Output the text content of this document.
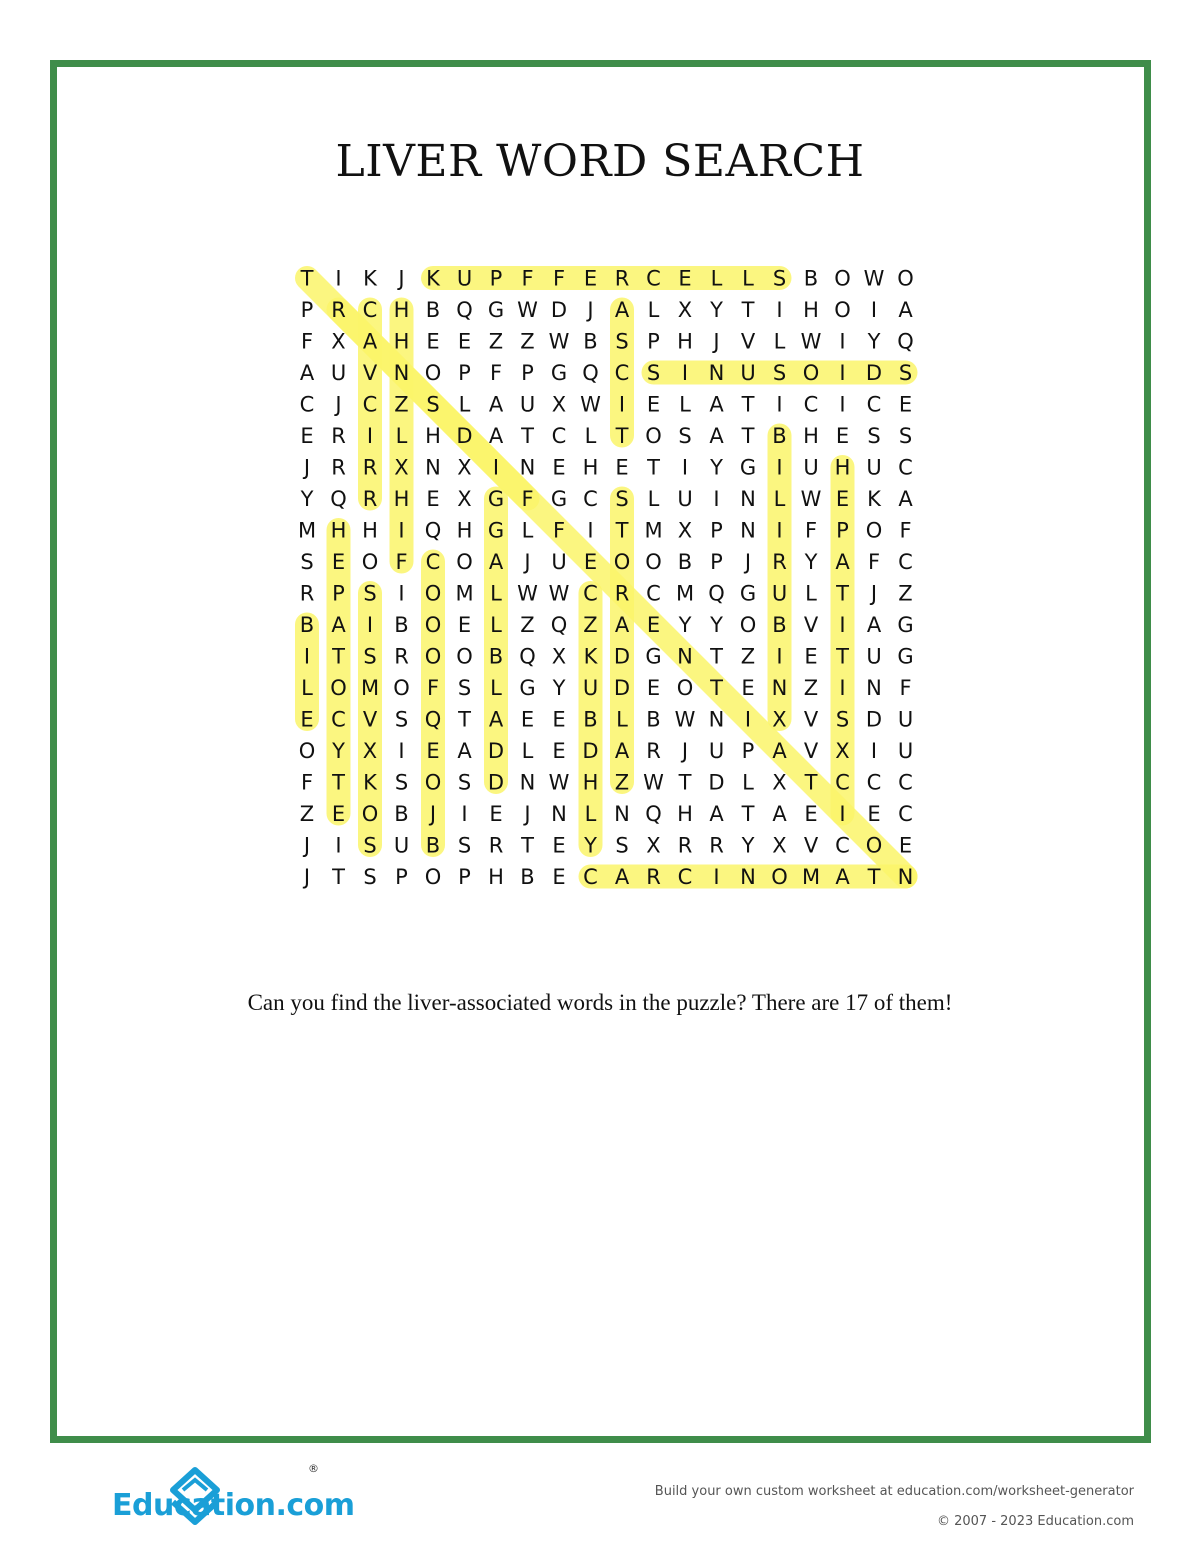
LIVER WORD SEARCH
T I K J K U P F F E R C E L L S B O W O
P R C H B Q G W D J A L X Y T I H O I A
F X A H E E Z Z W B S P H J V L W I Y Q
A U V N O P F P G Q C S I N U S O I D S
C J C Z S L A U X W I E L A T I C I C E
E R I L H D A T C L T O S A T B H E S S
J R R X N X I N E H E T I Y G I U H U C
Y Q R H E X G F G C S L U I N L W E K A
M H H I Q H G L F I T M X P N I F P O F
S E O F C O A J U E O O B P J R Y A F C
R P S I O M L W W C R C M Q G U L T J Z
B A I B O E L Z Q Z A E Y Y O B V I A G
I T S R O O B Q X K D G N T Z I E T U G
L O M O F S L G Y U D E O T E N Z I N F
E C V S Q T A E E B L B W N I X V S D U
O Y X I E A D L E D A R J U P A V X I U
F T K S O S D N W H Z W T D L X T C C C
Z E O B J I E J N L N Q H A T A E I E C
J I S U B S R T E Y S X R R Y X V C O E
J T S P O P H B E C A R C I N O M A T N
Can you find the liver-associated words in the puzzle? There are 17 of them!
Education.com
®
Build your own custom worksheet at education.com/worksheet-generator
© 2007 - 2023 Education.com
